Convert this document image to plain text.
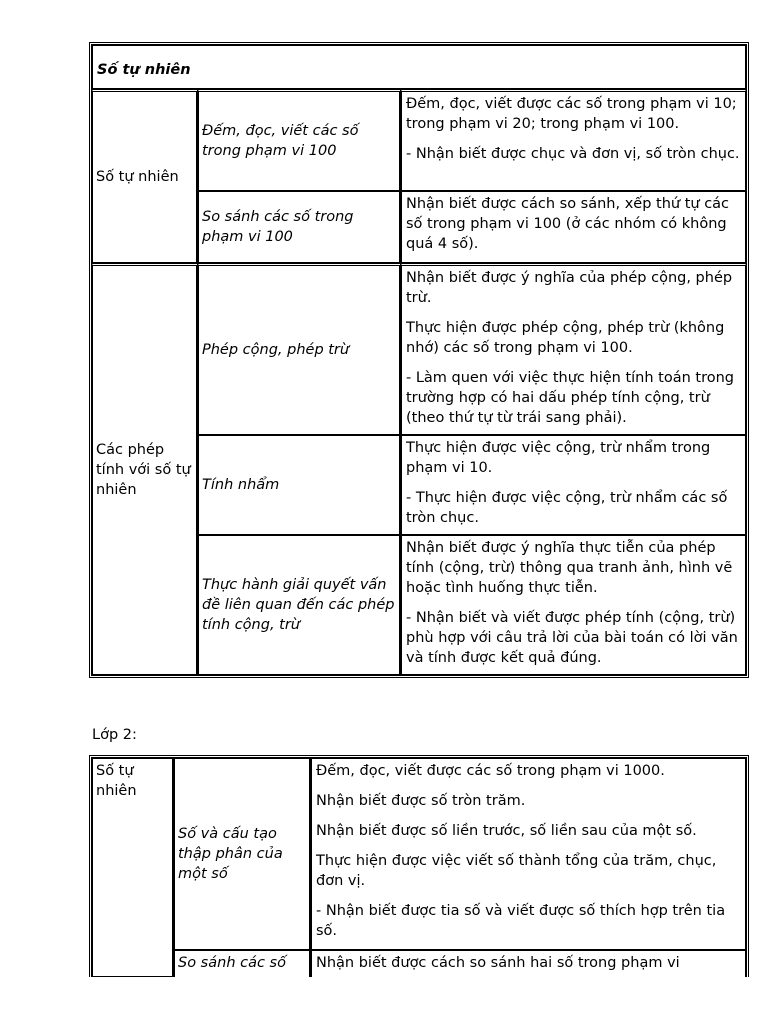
Số tự nhiên		
Số tự nhiên	Đếm, đọc, viết các số trong phạm vi 100	Đếm, đọc, viết được các số trong phạm vi 10; trong phạm vi 20; trong phạm vi 100.

- Nhận biết được chục và đơn vị, số tròn chục.

	So sánh các số trong phạm vi 100	Nhận biết được cách so sánh, xếp thứ tự các số trong phạm vi 100 (ở các nhóm có không quá 4 số).

Các phép tính với số tự nhiên	Phép cộng, phép trừ	Nhận biết được ý nghĩa của phép cộng, phép trừ.

Thực hiện được phép cộng, phép trừ (không nhớ) các số trong phạm vi 100.

- Làm quen với việc thực hiện tính toán trong trường hợp có hai dấu phép tính cộng, trừ (theo thứ tự từ trái sang phải).

	Tính nhẩm	Thực hiện được việc cộng, trừ nhẩm trong phạm vi 10.

- Thực hiện được việc cộng, trừ nhẩm các số tròn chục.

	Thực hành giải quyết vấn đề liên quan đến các phép tính cộng, trừ	Nhận biết được ý nghĩa thực tiễn của phép tính (cộng, trừ) thông qua tranh ảnh, hình vẽ hoặc tình huống thực tiễn.

- Nhận biết và viết được phép tính (cộng, trừ) phù hợp với câu trả lời của bài toán có lời văn và tính được kết quả đúng.

Lớp 2:
Số tự nhiên	Số và cấu tạo thập phân của một số	Đếm, đọc, viết được các số trong phạm vi 1000.

Nhận biết được số tròn trăm.

Nhận biết được số liền trước, số liền sau của một số.

Thực hiện được việc viết số thành tổng của trăm, chục, đơn vị.

- Nhận biết được tia số và viết được số thích hợp trên tia số.

	So sánh các số	Nhận biết được cách so sánh hai số trong phạm vi
